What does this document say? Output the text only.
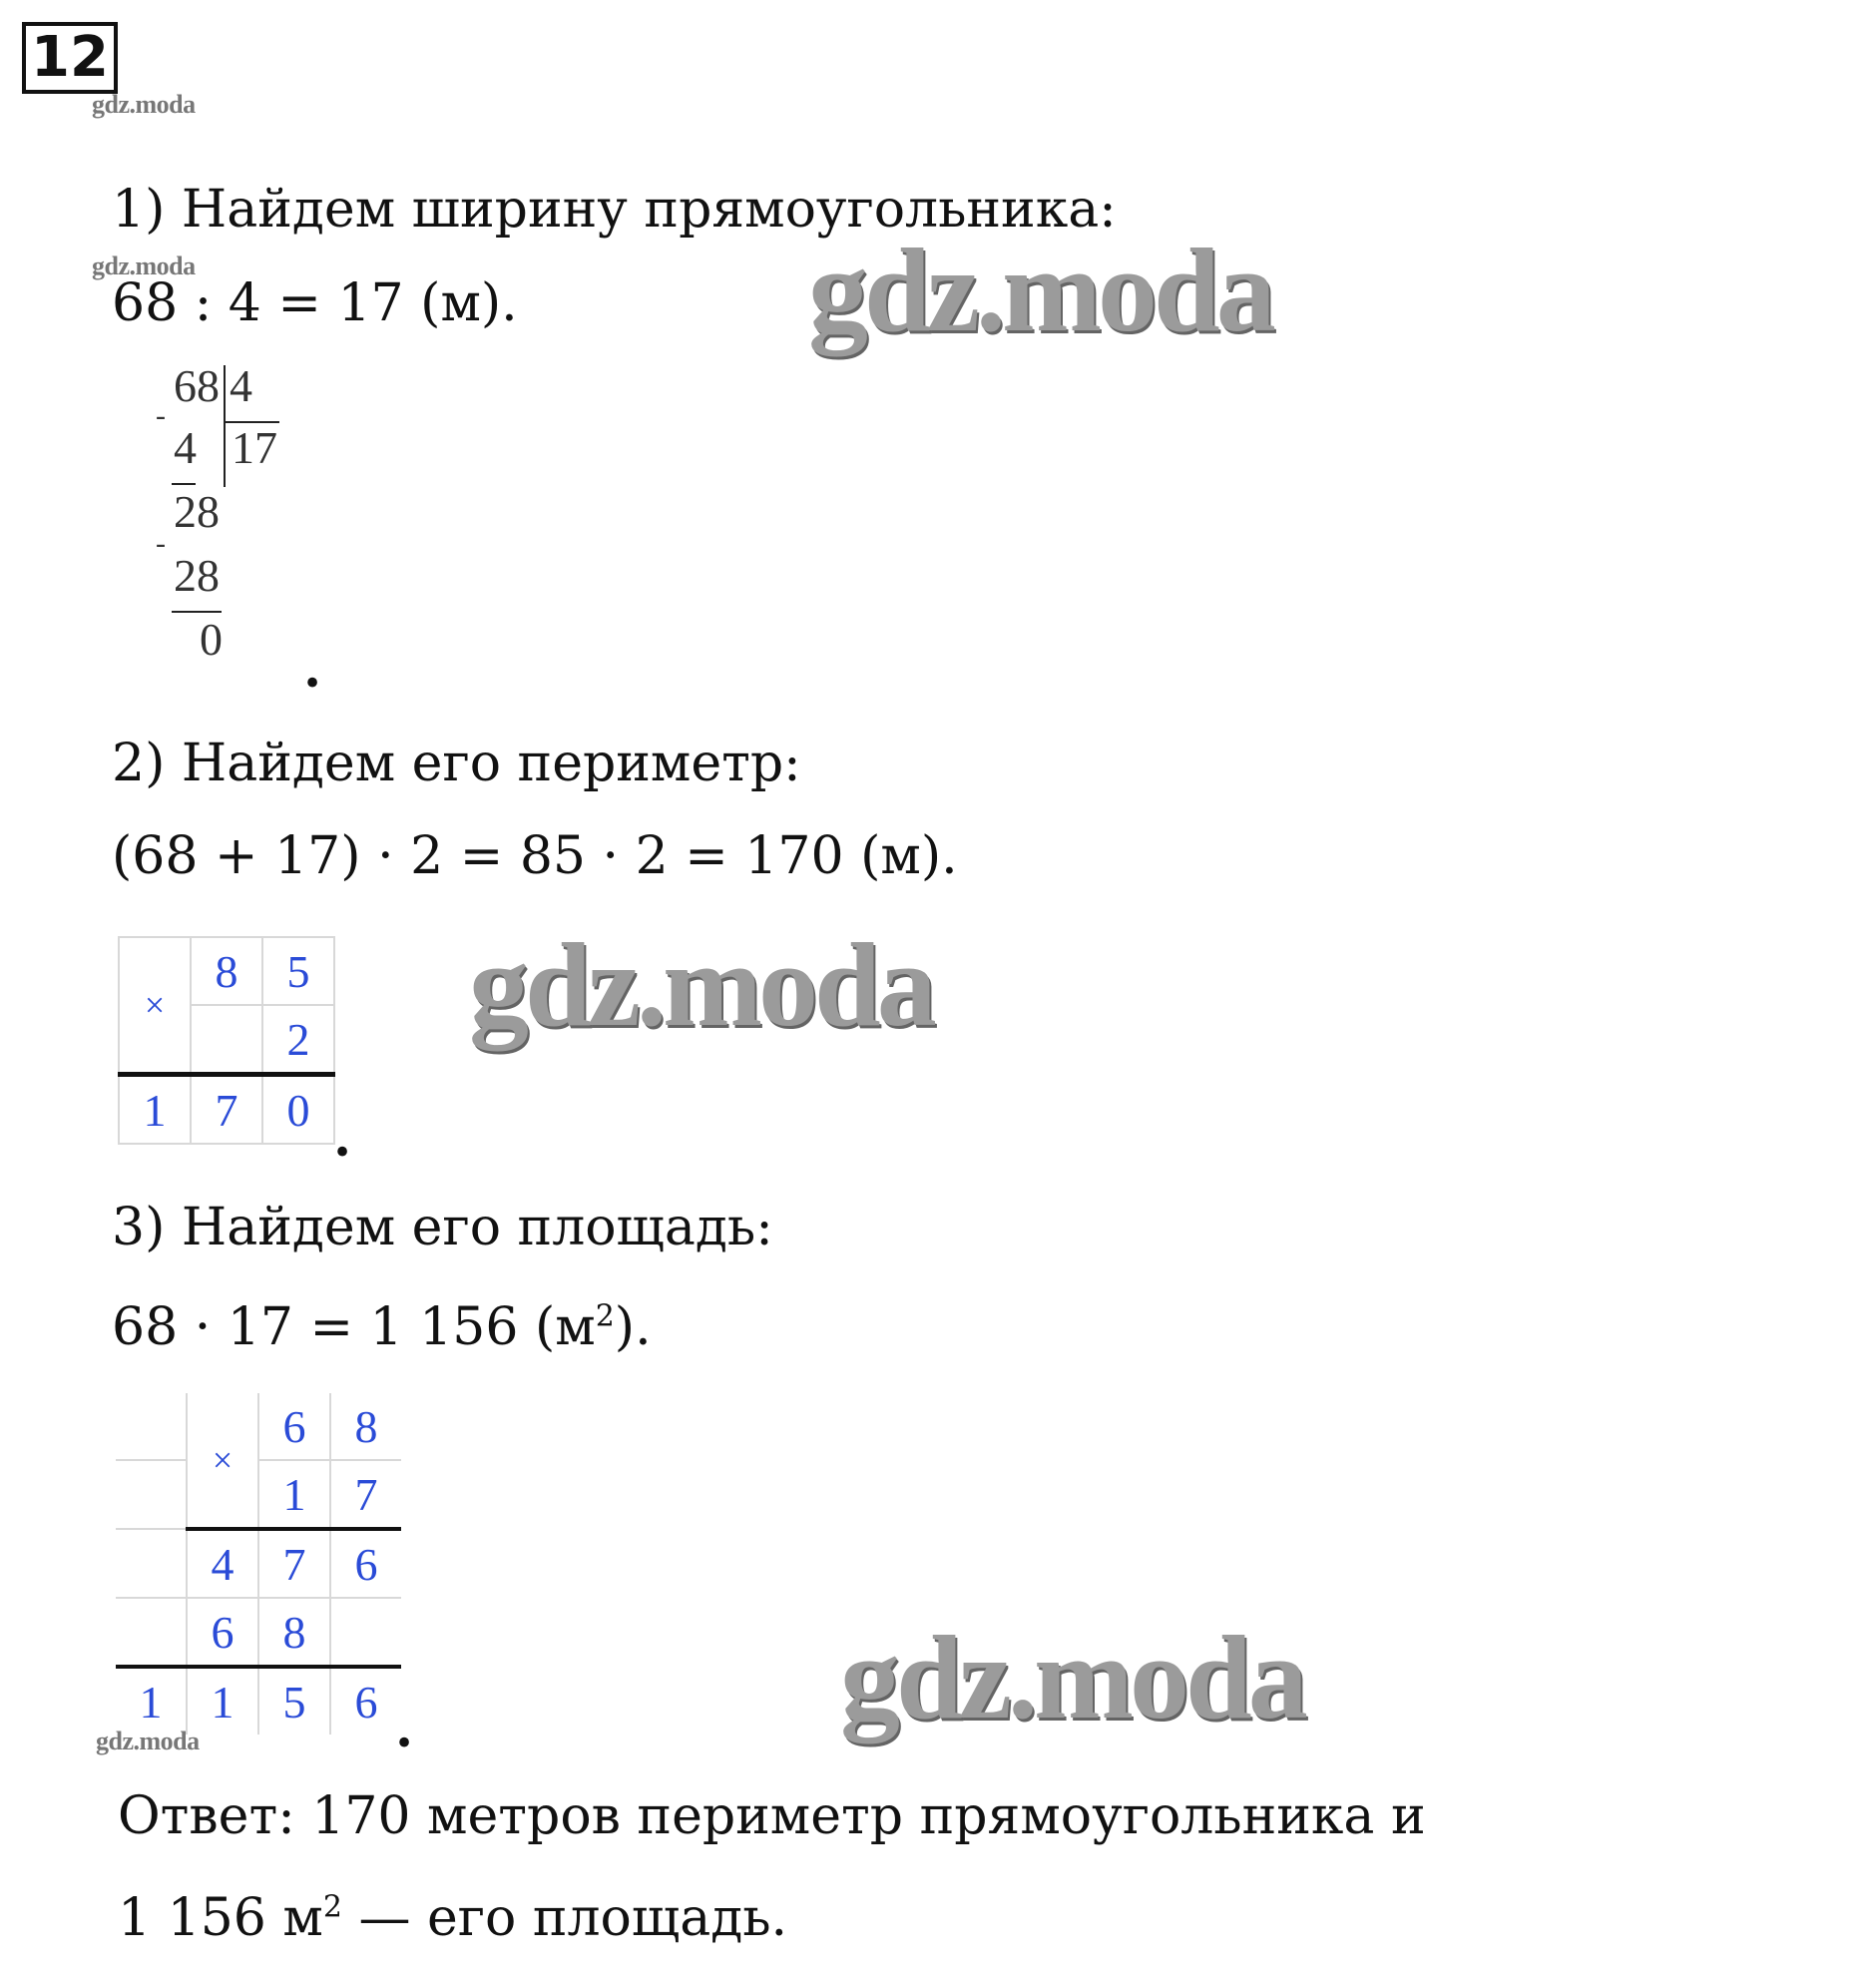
12
gdz.moda
gdz.moda
gdz.moda
gdz.moda
gdz.moda
gdz.moda
1) Найдем ширину прямоугольника:
68 : 4 = 17 (м).
68 4
-
4 17
28
-
28
0 .
2) Найдем его периметр:
(68 + 17) · 2 = 85 · 2 = 170 (м).
×	8	5
		2
1	7	0 .
3) Найдем его площадь:
68 · 17 = 1 156 $(м^2)$.
	×	6	8
		1	7
	4	7	6
	6	8	
1	1	5	6 .
Ответ: 170 метров периметр прямоугольника и
1 156 $м^2$ — его площадь.
